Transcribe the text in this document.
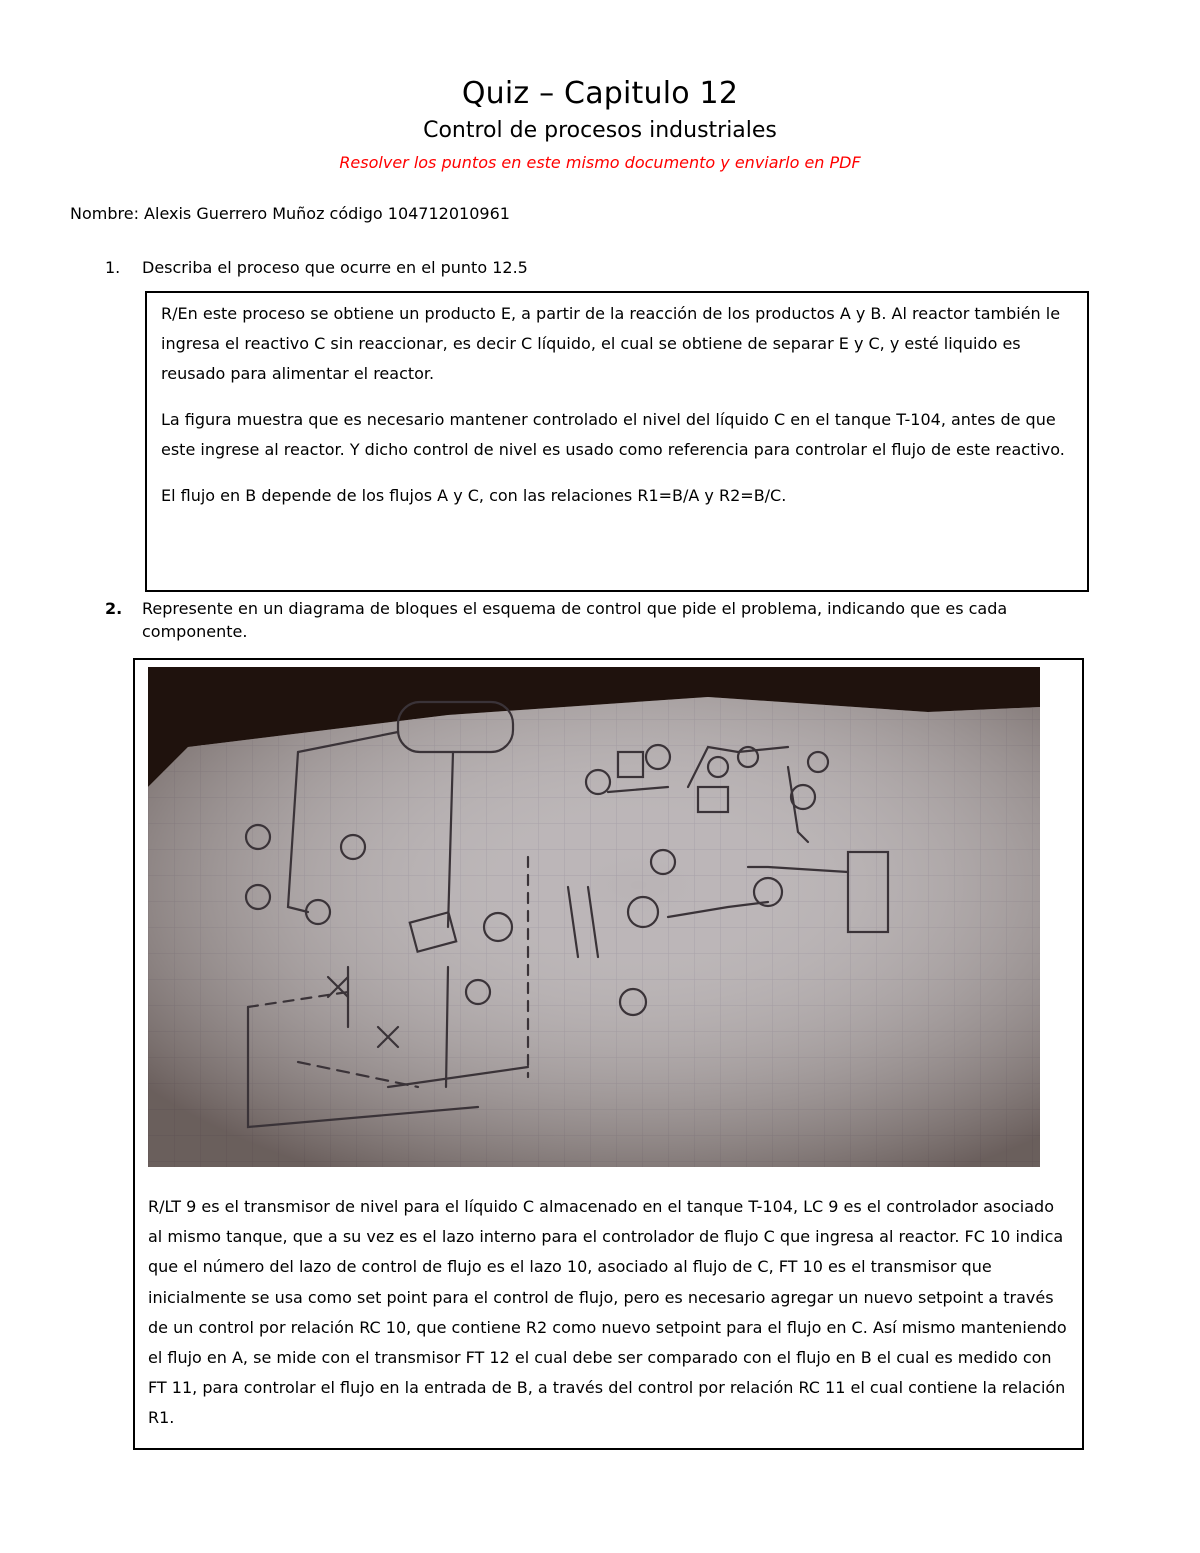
Quiz – Capitulo 12
Control de procesos industriales
Resolver los puntos en este mismo documento y enviarlo en PDF
Nombre: Alexis Guerrero Muñoz código 104712010961
1.	Describa el proceso que ocurre en el punto 12.5

R/En este proceso se obtiene un producto E, a partir de la reacción de los productos A y B. Al reactor también le ingresa el reactivo C sin reaccionar, es decir C líquido, el cual se obtiene de separar E y C, y esté liquido es reusado para alimentar el reactor.

La figura muestra que es necesario mantener controlado el nivel del líquido C en el tanque T-104, antes de que este ingrese al reactor. Y dicho control de nivel es usado como referencia para controlar el flujo de este reactivo.

El flujo en B depende de los flujos A y C, con las relaciones R1=B/A y R2=B/C.

2.	Represente en un diagrama de bloques el esquema de control que pide el problema, indicando que es cada componente.
R/LT 9 es el transmisor de nivel para el líquido C almacenado en el tanque T-104, LC 9 es el controlador asociado al mismo tanque, que a su vez es el lazo interno para el controlador de flujo C que ingresa al reactor. FC 10 indica que el número del lazo de control de flujo es el lazo 10, asociado al flujo de C, FT 10 es el transmisor que inicialmente se usa como set point para el control de flujo, pero es necesario agregar un nuevo setpoint a través de un control por relación RC 10, que contiene R2 como nuevo setpoint para el flujo en C. Así mismo manteniendo el flujo en A, se mide con el transmisor FT 12 el cual debe ser comparado con el flujo en B el cual es medido con FT 11, para controlar el flujo en la entrada de B, a través del control por relación RC 11 el cual contiene la relación R1.
